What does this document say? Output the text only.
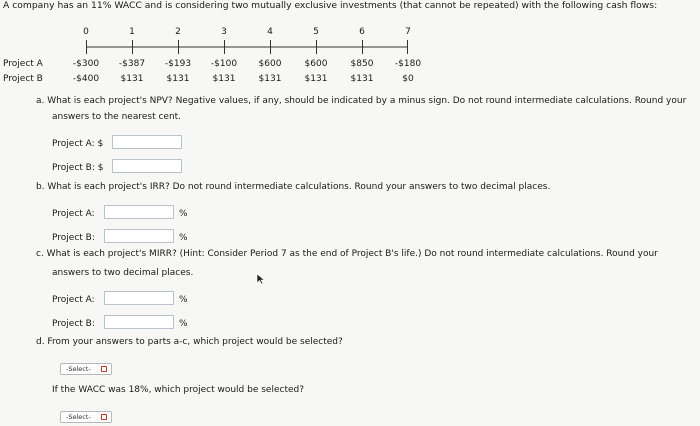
A company has an 11% WACC and is considering two mutually exclusive investments (that cannot be repeated) with the following cash flows:
0	1	2	3	4	5	6	7
Project A	-$300 -$387 -$193 -$100 $600	$600	$850 -$180
Project B	-$400 $131	$131	$131	$131	$131	$131	$0
a. What is each project's NPV? Negative values, if any, should be indicated by a minus sign. Do not round intermediate calculations. Round your
answers to the nearest cent.
Project A: $
Project B: $
b. What is each project's IRR? Do not round intermediate calculations. Round your answers to two decimal places.
Project A:	%
Project B:	%
c. What is each project's MIRR? (Hint: Consider Period 7 as the end of Project B's life.) Do not round intermediate calculations. Round your
answers to two decimal places.
Project A:	%
Project B:	%
d. From your answers to parts a-c, which project would be selected?
-Select-
If the WACC was 18%, which project would be selected?
-Select-
